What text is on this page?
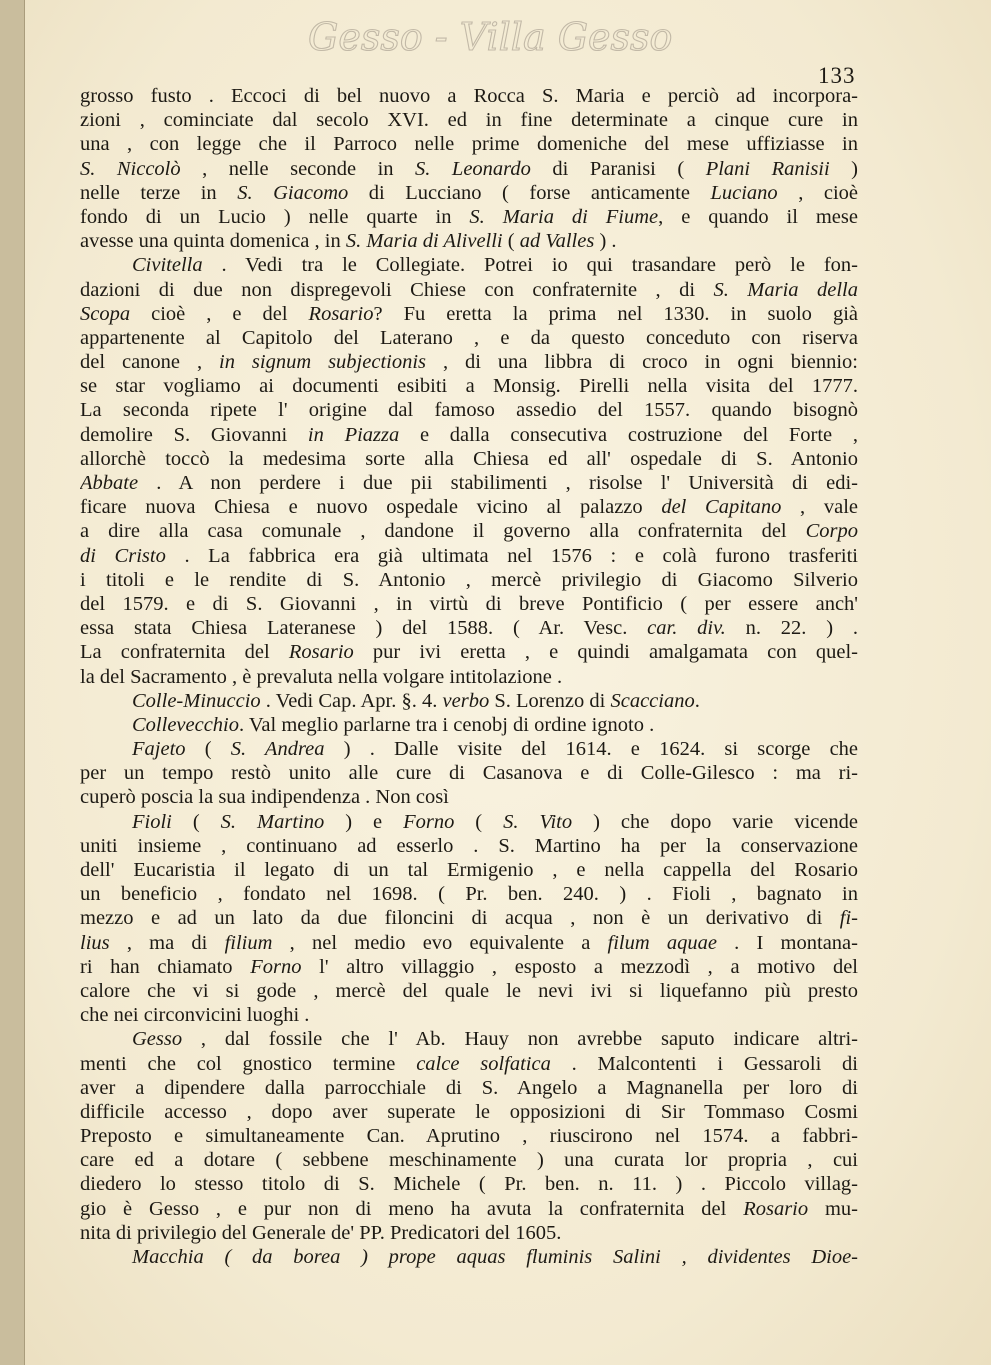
Gesso - Villa Gesso
133
grosso fusto . Eccoci di bel nuovo a Rocca S. Maria e perciò ad incorpora-
zioni , cominciate dal secolo XVI. ed in fine determinate a cinque cure in
una , con legge che il Parroco nelle prime domeniche del mese uffiziasse in
S. Niccolò , nelle seconde in S. Leonardo di Paranisi ( Plani Ranisii )
nelle terze in S. Giacomo di Lucciano ( forse anticamente Luciano , cioè
fondo di un Lucio ) nelle quarte in S. Maria di Fiume, e quando il mese
avesse una quinta domenica , in S. Maria di Alivelli ( ad Valles ) .
Civitella . Vedi tra le Collegiate. Potrei io qui trasandare però le fon-
dazioni di due non dispregevoli Chiese con confraternite , di S. Maria della
Scopa cioè , e del Rosario? Fu eretta la prima nel 1330. in suolo già
appartenente al Capitolo del Laterano , e da questo conceduto con riserva
del canone , in signum subjectionis , di una libbra di croco in ogni biennio:
se star vogliamo ai documenti esibiti a Monsig. Pirelli nella visita del 1777.
La seconda ripete l' origine dal famoso assedio del 1557. quando bisognò
demolire S. Giovanni in Piazza e dalla consecutiva costruzione del Forte ,
allorchè toccò la medesima sorte alla Chiesa ed all' ospedale di S. Antonio
Abbate . A non perdere i due pii stabilimenti , risolse l' Università di edi-
ficare nuova Chiesa e nuovo ospedale vicino al palazzo del Capitano , vale
a dire alla casa comunale , dandone il governo alla confraternita del Corpo
di Cristo . La fabbrica era già ultimata nel 1576 : e colà furono trasferiti
i titoli e le rendite di S. Antonio , mercè privilegio di Giacomo Silverio
del 1579. e di S. Giovanni , in virtù di breve Pontificio ( per essere anch'
essa stata Chiesa Lateranese ) del 1588. ( Ar. Vesc. car. div. n. 22. ) .
La confraternita del Rosario pur ivi eretta , e quindi amalgamata con quel-
la del Sacramento , è prevaluta nella volgare intitolazione .
Colle-Minuccio . Vedi Cap. Apr. §. 4. verbo S. Lorenzo di Scacciano.
Collevecchio. Val meglio parlarne tra i cenobj di ordine ignoto .
Fajeto ( S. Andrea ) . Dalle visite del 1614. e 1624. si scorge che
per un tempo restò unito alle cure di Casanova e di Colle-Gilesco : ma ri-
cuperò poscia la sua indipendenza . Non così
Fioli ( S. Martino ) e Forno ( S. Vito ) che dopo varie vicende
uniti insieme , continuano ad esserlo . S. Martino ha per la conservazione
dell' Eucaristia il legato di un tal Ermigenio , e nella cappella del Rosario
un beneficio , fondato nel 1698. ( Pr. ben. 240. ) . Fioli , bagnato in
mezzo e ad un lato da due filoncini di acqua , non è un derivativo di fi-
lius , ma di filium , nel medio evo equivalente a filum aquae . I montana-
ri han chiamato Forno l' altro villaggio , esposto a mezzodì , a motivo del
calore che vi si gode , mercè del quale le nevi ivi si liquefanno più presto
che nei circonvicini luoghi .
Gesso , dal fossile che l' Ab. Hauy non avrebbe saputo indicare altri-
menti che col gnostico termine calce solfatica . Malcontenti i Gessaroli di
aver a dipendere dalla parrocchiale di S. Angelo a Magnanella per loro di
difficile accesso , dopo aver superate le opposizioni di Sir Tommaso Cosmi
Preposto e simultaneamente Can. Aprutino , riuscirono nel 1574. a fabbri-
care ed a dotare ( sebbene meschinamente ) una curata lor propria , cui
diedero lo stesso titolo di S. Michele ( Pr. ben. n. 11. ) . Piccolo villag-
gio è Gesso , e pur non di meno ha avuta la confraternita del Rosario mu-
nita di privilegio del Generale de' PP. Predicatori del 1605.
Macchia ( da borea ) prope aquas fluminis Salini , dividentes Dioe-
